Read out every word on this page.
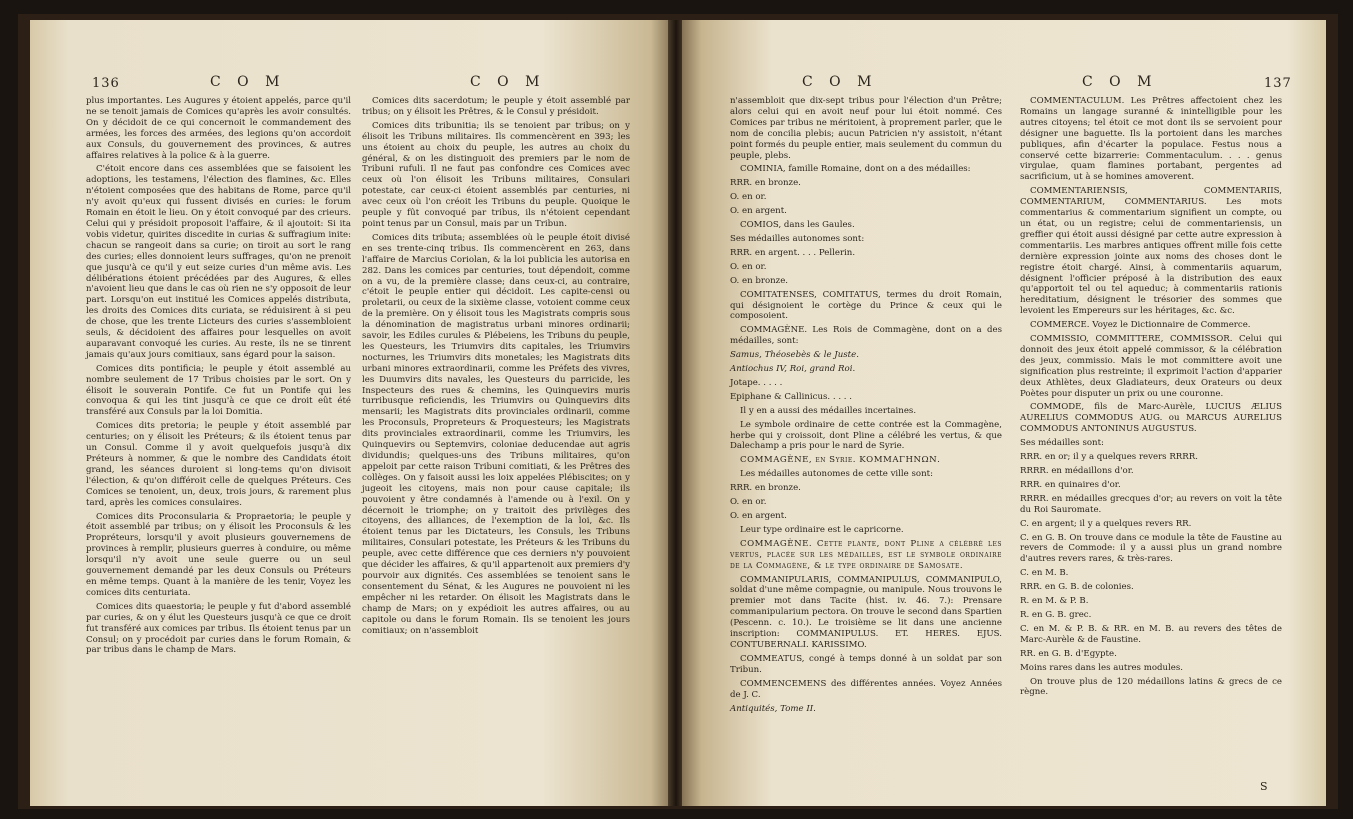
136	C O M	C O M

plus importantes. Les Augures y étoient appelés, parce qu'il ne se tenoit jamais de Comices qu'après les avoir consultés. On y décidoit de ce qui concernoit le commandement des armées, les forces des armées, des legions qu'on accordoit aux Consuls, du gouvernement des provinces, & autres affaires relatives à la police & à la guerre.

C'étoit encore dans ces assemblées que se faisoient les adoptions, les testamens, l'élection des flamines, &c. Elles n'étoient composées que des habitans de Rome, parce qu'il n'y avoit qu'eux qui fussent divisés en curies: le forum Romain en étoit le lieu. On y étoit convoqué par des crieurs. Celui qui y présidoit proposoit l'affaire, & il ajoutoit: Si ita vobis videtur, quirites discedite in curias & suffragium inite: chacun se rangeoit dans sa curie; on tiroit au sort le rang des curies; elles donnoient leurs suffrages, qu'on ne prenoit que jusqu'à ce qu'il y eut seize curies d'un même avis. Les délibérations étoient précédées par des Augures, & elles n'avoient lieu que dans le cas où rien ne s'y opposoit de leur part. Lorsqu'on eut institué les Comices appelés distributa, les droits des Comices dits curiata, se réduisirent à si peu de chose, que les trente Licteurs des curies s'assembloient seuls, & décidoient des affaires pour lesquelles on avoit auparavant convoqué les curies. Au reste, ils ne se tinrent jamais qu'aux jours comitiaux, sans égard pour la saison.

Comices dits pontificia; le peuple y étoit assemblé au nombre seulement de 17 Tribus choisies par le sort. On y élisoit le souverain Pontife. Ce fut un Pontife qui les convoqua & qui les tint jusqu'à ce que ce droit eût été transféré aux Consuls par la loi Domitia.

Comices dits pretoria; le peuple y étoit assemblé par centuries; on y élisoit les Préteurs; & ils étoient tenus par un Consul. Comme il y avoit quelquefois jusqu'à dix Préteurs à nommer, & que le nombre des Candidats étoit grand, les séances duroient si long-tems qu'on divisoit l'élection, & qu'on différoit celle de quelques Préteurs. Ces Comices se tenoient, un, deux, trois jours, & rarement plus tard, après les comices consulaires.

Comices dits Proconsularia & Propraetoria; le peuple y étoit assemblé par tribus; on y élisoit les Proconsuls & les Propréteurs, lorsqu'il y avoit plusieurs gouvernemens de provinces à remplir, plusieurs guerres à conduire, ou même lorsqu'il n'y avoit une seule guerre ou un seul gouvernement demandé par les deux Consuls ou Préteurs en même temps. Quant à la manière de les tenir, Voyez les comices dits centuriata.

Comices dits quaestoria; le peuple y fut d'abord assemblé par curies, & on y élut les Questeurs jusqu'à ce que ce droit fut transféré aux comices par tribus. Ils étoient tenus par un Consul; on y procédoit par curies dans le forum Romain, & par tribus dans le champ de Mars.

Comices dits sacerdotum; le peuple y étoit assemblé par tribus; on y élisoit les Prêtres, & le Consul y présidoit.

Comices dits tribunitia; ils se tenoient par tribus; on y élisoit les Tribuns militaires. Ils commencèrent en 393; les uns étoient au choix du peuple, les autres au choix du général, & on les distinguoit des premiers par le nom de Tribuni rufuli. Il ne faut pas confondre ces Comices avec ceux où l'on élisoit les Tribuns militaires, Consulari potestate, car ceux-ci étoient assemblés par centuries, ni avec ceux où l'on créoit les Tribuns du peuple. Quoique le peuple y fût convoqué par tribus, ils n'étoient cependant point tenus par un Consul, mais par un Tribun.

Comices dits tributa; assemblées où le peuple étoit divisé en ses trente-cinq tribus. Ils commencèrent en 263, dans l'affaire de Marcius Coriolan, & la loi publicia les autorisa en 282. Dans les comices par centuries, tout dépendoit, comme on a vu, de la première classe; dans ceux-ci, au contraire, c'étoit le peuple entier qui décidoit. Les capite-censi ou proletarii, ou ceux de la sixième classe, votoient comme ceux de la première. On y élisoit tous les Magistrats compris sous la dénomination de magistratus urbani minores ordinarii; savoir, les Ediles curules & Plébeiens, les Tribuns du peuple, les Questeurs, les Triumvirs dits capitales, les Triumvirs nocturnes, les Triumvirs dits monetales; les Magistrats dits urbani minores extraordinarii, comme les Préfets des vivres, les Duumvirs dits navales, les Questeurs du parricide, les Inspecteurs des rues & chemins, les Quinquevirs muris turribusque reficiendis, les Triumvirs ou Quinquevirs dits mensarii; les Magistrats dits provinciales ordinarii, comme les Proconsuls, Propreteurs & Proquesteurs; les Magistrats dits provinciales extraordinarii, comme les Triumvirs, les Quinquevirs ou Septemvirs, coloniae deducendae aut agris dividundis; quelques-uns des Tribuns militaires, qu'on appeloit par cette raison Tribuni comitiati, & les Prêtres des collèges. On y faisoit aussi les loix appelées Plébiscites; on y jugeoit les citoyens, mais non pour cause capitale; ils pouvoient y être condamnés à l'amende ou à l'exil. On y décernoit le triomphe; on y traitoit des privilèges des citoyens, des alliances, de l'exemption de la loi, &c. Ils étoient tenus par les Dictateurs, les Consuls, les Tribuns militaires, Consulari potestate, les Préteurs & les Tribuns du peuple, avec cette différence que ces derniers n'y pouvoient que décider les affaires, & qu'il appartenoit aux premiers d'y pourvoir aux dignités. Ces assemblées se tenoient sans le consentement du Sénat, & les Augures ne pouvoient ni les empêcher ni les retarder. On élisoit les Magistrats dans le champ de Mars; on y expédioit les autres affaires, ou au capitole ou dans le forum Romain. Ils se tenoient les jours comitiaux; on n'assembloit

C O M	C O M	137

n'assembloit que dix-sept tribus pour l'élection d'un Prêtre; alors celui qui en avoit neuf pour lui étoit nommé. Ces Comices par tribus ne méritoient, à proprement parler, que le nom de concilia plebis; aucun Patricien n'y assistoit, n'étant point formés du peuple entier, mais seulement du commun du peuple, plebs.

COMINIA, famille Romaine, dont on a des médailles:

RRR. en bronze.

O. en or.

O. en argent.

COMIOS, dans les Gaules.

Ses médailles autonomes sont:

RRR. en argent. . . . Pellerin.

O. en or.

O. en bronze.

COMITATENSES, COMITATUS, termes du droit Romain, qui désignoient le cortège du Prince & ceux qui le composoient.

COMMAGÈNE. Les Rois de Commagène, dont on a des médailles, sont:

Samus, Théosebès & le Juste.

Antiochus IV, Roi, grand Roi.

Jotape. . . . .

Epiphane & Callinicus. . . . .

Il y en a aussi des médailles incertaines.

Le symbole ordinaire de cette contrée est la Commagène, herbe qui y croissoit, dont Pline a célébré les vertus, & que Dalechamp a pris pour le nard de Syrie.

COMMAGÈNE, en Syrie. ΚΟΜΜΑΓΗΝΩΝ.

Les médailles autonomes de cette ville sont:

RRR. en bronze.

O. en or.

O. en argent.

Leur type ordinaire est le capricorne.

COMMAGÈNE. Cette plante, dont Pline a célébré les vertus, placée sur les médailles, est le symbole ordinaire de la Commagène, & le type ordinaire de Samosate.

COMMANIPULARIS, COMMANIPULUS, COMMANIPULO, soldat d'une même compagnie, ou manipule. Nous trouvons le premier mot dans Tacite (hist. iv. 46. 7.): Prensare commanipularium pectora. On trouve le second dans Spartien (Pescenn. c. 10.). Le troisième se lit dans une ancienne inscription: COMMANIPULUS. ET. HERES. EJUS. CONTUBERNALI. KARISSIMO.

COMMEATUS, congé à temps donné à un soldat par son Tribun.

COMMENCEMENS des différentes années. Voyez Années de J. C.

Antiquités, Tome II.

COMMENTACULUM. Les Prêtres affectoient chez les Romains un langage suranné & inintelligible pour les autres citoyens; tel étoit ce mot dont ils se servoient pour désigner une baguette. Ils la portoient dans les marches publiques, afin d'écarter la populace. Festus nous a conservé cette bizarrerie: Commentaculum. . . . genus virgulae, quam flamines portabant, pergentes ad sacrificium, ut à se homines amoverent.

COMMENTARIENSIS, COMMENTARIIS, COMMENTARIUM, COMMENTARIUS. Les mots commentarius & commentarium signifient un compte, ou un état, ou un registre; celui de commentariensis, un greffier qui étoit aussi désigné par cette autre expression à commentariis. Les marbres antiques offrent mille fois cette dernière expression jointe aux noms des choses dont le registre étoit chargé. Ainsi, à commentariis aquarum, désignent l'officier préposé à la distribution des eaux qu'apportoit tel ou tel aqueduc; à commentariis rationis hereditatium, désignent le trésorier des sommes que levoient les Empereurs sur les héritages, &c. &c.

COMMERCE. Voyez le Dictionnaire de Commerce.

COMMISSIO, COMMITTERE, COMMISSOR. Celui qui donnoit des jeux étoit appelé commissor, & la célébration des jeux, commissio. Mais le mot committere avoit une signification plus restreinte; il exprimoit l'action d'apparier deux Athlètes, deux Gladiateurs, deux Orateurs ou deux Poètes pour disputer un prix ou une couronne.

COMMODE, fils de Marc-Aurèle, LUCIUS ÆLIUS AURELIUS COMMODUS AUG. ou MARCUS AURELIUS COMMODUS ANTONINUS AUGUSTUS.

Ses médailles sont:

RRR. en or; il y a quelques revers RRRR.

RRRR. en médaillons d'or.

RRR. en quinaires d'or.

RRRR. en médailles grecques d'or; au revers on voit la tête du Roi Sauromate.

C. en argent; il y a quelques revers RR.

C. en G. B. On trouve dans ce module la tête de Faustine au revers de Commode: il y a aussi plus un grand nombre d'autres revers rares, & très-rares.

C. en M. B.

RRR. en G. B. de colonies.

R. en M. & P. B.

R. en G. B. grec.

C. en M. & P. B. & RR. en M. B. au revers des têtes de Marc-Aurèle & de Faustine.

RR. en G. B. d'Egypte.

Moins rares dans les autres modules.

On trouve plus de 120 médaillons latins & grecs de ce règne.

S
